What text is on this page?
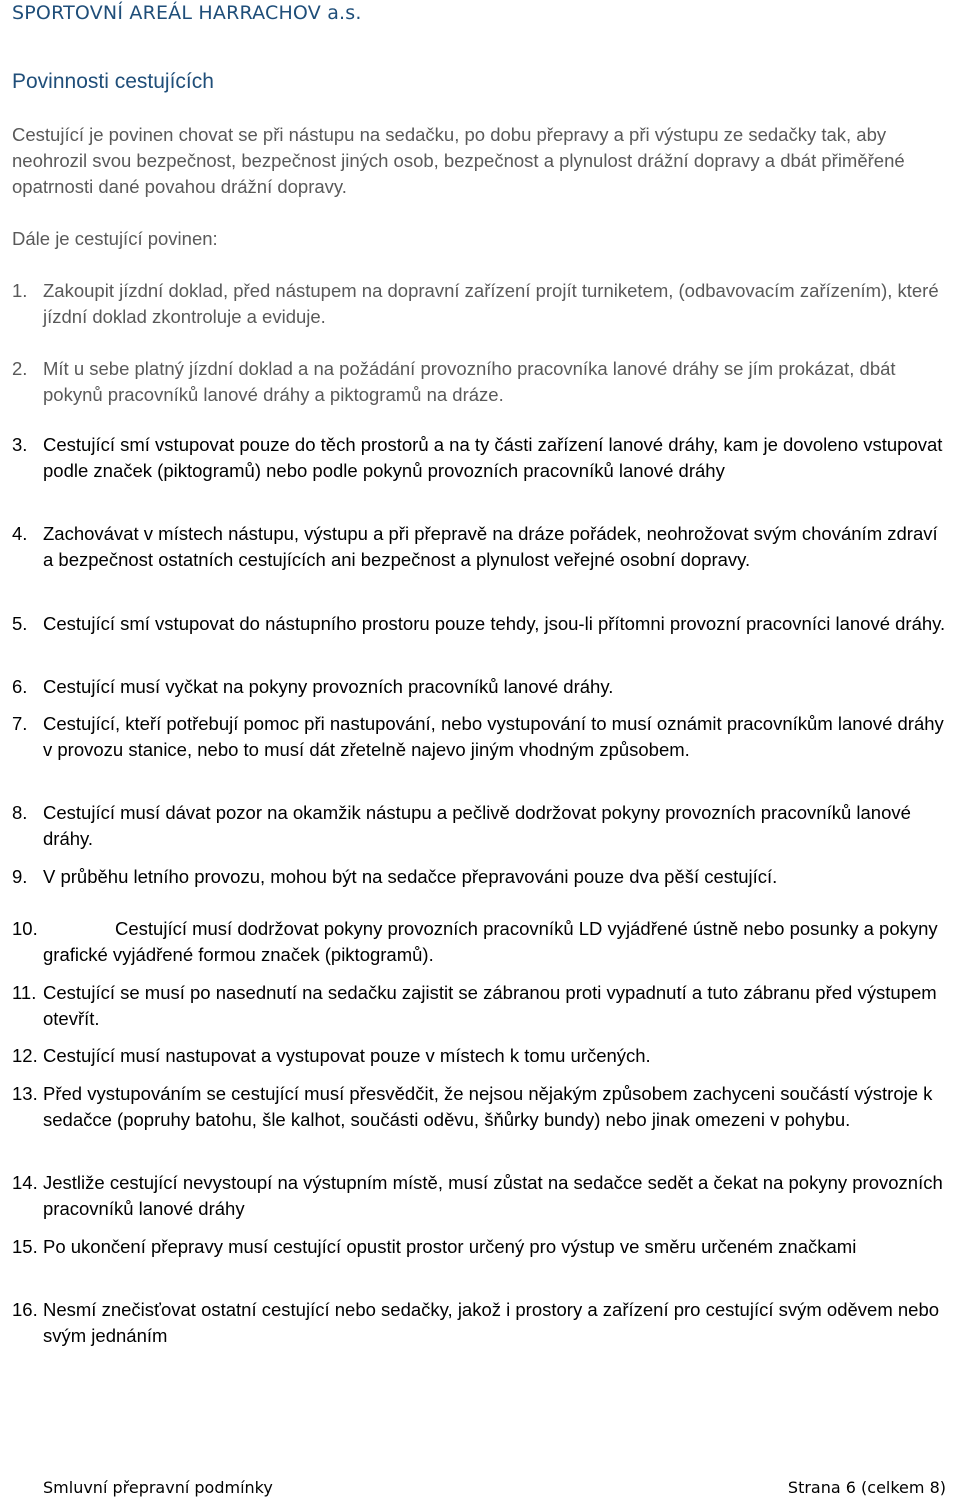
SPORTOVNÍ AREÁL HARRACHOV a.s.
Povinnosti cestujících
Cestující je povinen chovat se při nástupu na sedačku, po dobu přepravy a při výstupu ze sedačky tak, aby neohrozil svou bezpečnost, bezpečnost jiných osob, bezpečnost a plynulost drážní dopravy a dbát přiměřené opatrnosti dané povahou drážní dopravy.
Dále je cestující povinen:
1. Zakoupit jízdní doklad, před nástupem na dopravní zařízení projít turniketem, (odbavovacím zařízením), které jízdní doklad zkontroluje a eviduje.
2. Mít u sebe platný jízdní doklad a na požádání provozního pracovníka lanové dráhy se jím prokázat, dbát pokynů pracovníků lanové dráhy a piktogramů na dráze.
3. Cestující smí vstupovat pouze do těch prostorů a na ty části zařízení lanové dráhy, kam je dovoleno vstupovat podle značek (piktogramů) nebo podle pokynů provozních pracovníků lanové dráhy
4. Zachovávat v místech nástupu, výstupu a při přepravě na dráze pořádek, neohrožovat svým chováním zdraví a bezpečnost ostatních cestujících ani bezpečnost a plynulost veřejné osobní dopravy.
5. Cestující smí vstupovat do nástupního prostoru pouze tehdy, jsou-li přítomni provozní pracovníci lanové dráhy.
6. Cestující musí vyčkat na pokyny provozních pracovníků lanové dráhy.
7. Cestující, kteří potřebují pomoc při nastupování, nebo vystupování to musí oznámit pracovníkům lanové dráhy v provozu stanice, nebo to musí dát zřetelně najevo jiným vhodným způsobem.
8. Cestující musí dávat pozor na okamžik nástupu a pečlivě dodržovat pokyny provozních pracovníků lanové dráhy.
9. V průběhu letního provozu, mohou být na sedačce přepravováni pouze dva pěší cestující.
10.	Cestující musí dodržovat pokyny provozních pracovníků LD vyjádřené ústně nebo posunky a pokyny grafické vyjádřené formou značek (piktogramů).
11. Cestující se musí po nasednutí na sedačku zajistit se zábranou proti vypadnutí a tuto zábranu před výstupem otevřít.
12. Cestující musí nastupovat a vystupovat pouze v místech k tomu určených.
13. Před vystupováním se cestující musí přesvědčit, že nejsou nějakým způsobem zachyceni součástí výstroje k sedačce (popruhy batohu, šle kalhot, součásti oděvu, šňůrky bundy) nebo jinak omezeni v pohybu.
14. Jestliže cestující nevystoupí na výstupním místě, musí zůstat na sedačce sedět a čekat na pokyny provozních pracovníků lanové dráhy
15. Po ukončení přepravy musí cestující opustit prostor určený pro výstup ve směru určeném značkami
16. Nesmí znečisťovat ostatní cestující nebo sedačky, jakož i prostory a zařízení pro cestující svým oděvem nebo svým jednáním
Smluvní přepravní podmínky	Strana 6 (celkem 8)
